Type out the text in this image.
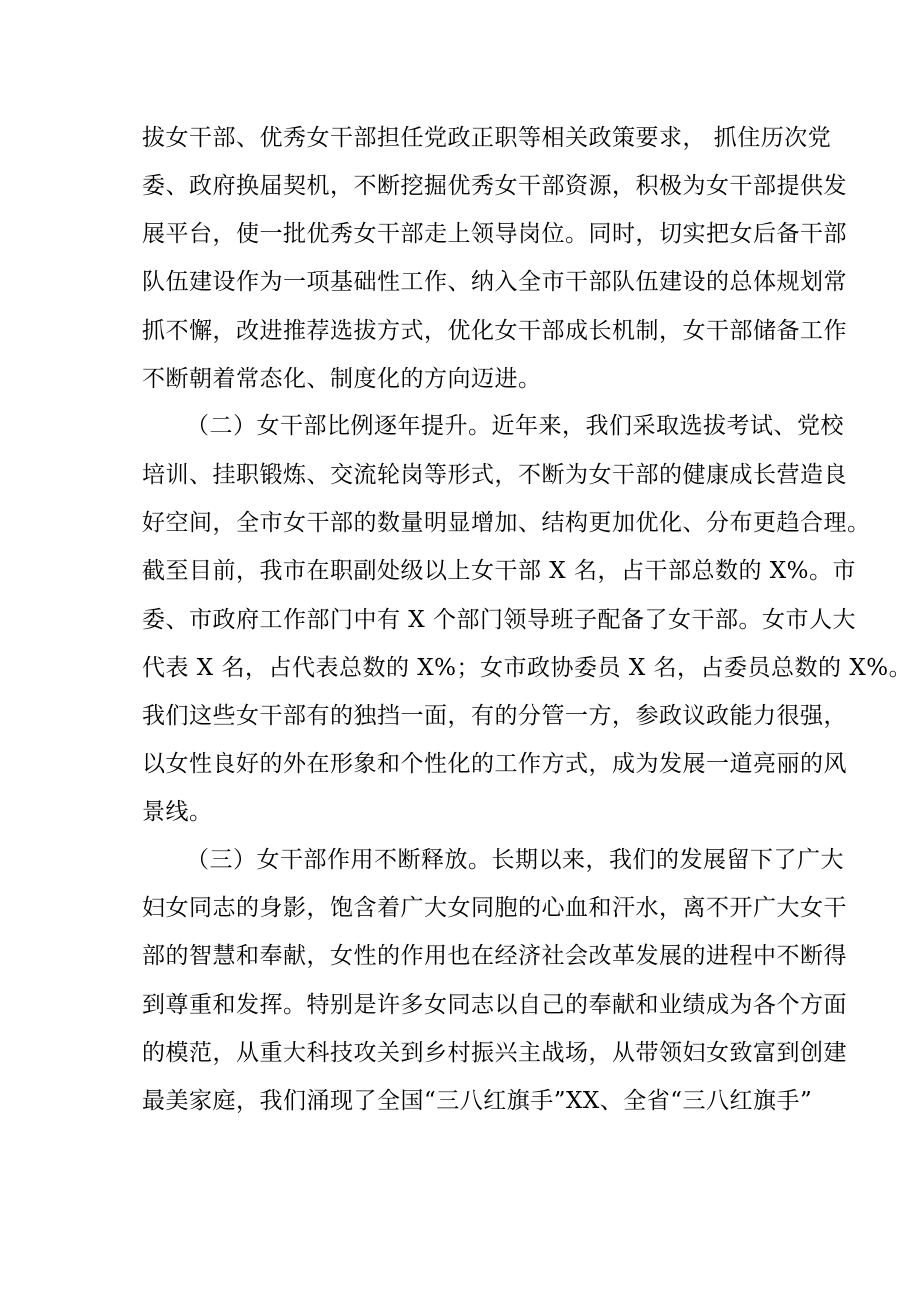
拔女干部、优秀女干部担任党政正职等相关政策要求， 抓住历次党
委、政府换届契机，不断挖掘优秀女干部资源，积极为女干部提供发
展平台，使一批优秀女干部走上领导岗位。同时，切实把女后备干部
队伍建设作为一项基础性工作、纳入全市干部队伍建设的总体规划常
抓不懈，改进推荐选拔方式，优化女干部成长机制，女干部储备工作
不断朝着常态化、制度化的方向迈进。
（二）女干部比例逐年提升。近年来，我们采取选拔考试、党校
培训、挂职锻炼、交流轮岗等形式，不断为女干部的健康成长营造良
好空间，全市女干部的数量明显增加、结构更加优化、分布更趋合理。
截至目前，我市在职副处级以上女干部 X 名，占干部总数的 X%。市
委、市政府工作部门中有 X 个部门领导班子配备了女干部。女市人大
代表 X 名，占代表总数的 X%；女市政协委员 X 名，占委员总数的 X%。
我们这些女干部有的独挡一面，有的分管一方，参政议政能力很强，
以女性良好的外在形象和个性化的工作方式，成为发展一道亮丽的风
景线。
（三）女干部作用不断释放。长期以来，我们的发展留下了广大
妇女同志的身影，饱含着广大女同胞的心血和汗水，离不开广大女干
部的智慧和奉献，女性的作用也在经济社会改革发展的进程中不断得
到尊重和发挥。特别是许多女同志以自己的奉献和业绩成为各个方面
的模范，从重大科技攻关到乡村振兴主战场，从带领妇女致富到创建
最美家庭，我们涌现了全国“三八红旗手”XX、全省“三八红旗手”
